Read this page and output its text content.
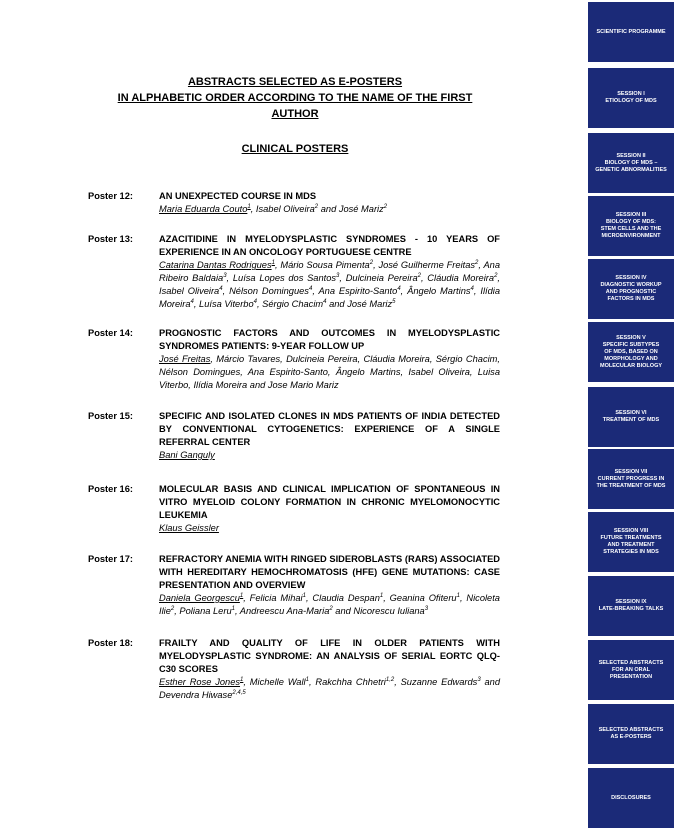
ABSTRACTS SELECTED AS E-POSTERS
IN ALPHABETIC ORDER ACCORDING TO THE NAME OF THE FIRST
AUTHOR
CLINICAL POSTERS
Poster 12:	AN UNEXPECTED COURSE IN MDS
Maria Eduarda Couto$^1$, Isabel Oliveira$^2$ and José Mariz$^2$
Poster 13:	AZACITIDINE IN MYELODYSPLASTIC SYNDROMES - 10 YEARS OF EXPERIENCE IN AN ONCOLOGY PORTUGUESE CENTRE
Catarina Dantas Rodrigues$^1$, Mário Sousa Pimenta$^2$, José Guilherme Freitas$^2$, Ana Ribeiro Baldaia$^3$, Luísa Lopes dos Santos$^3$, Dulcineia Pereira$^2$, Cláudia Moreira$^2$, Isabel Oliveira$^4$, Nélson Domingues$^4$, Ana Espirito-Santo$^4$, Ângelo Martins$^4$, Ilídia Moreira$^4$, Luísa Viterbo$^4$, Sérgio Chacim$^4$ and José Mariz$^5$
Poster 14:	PROGNOSTIC FACTORS AND OUTCOMES IN MYELODYSPLASTIC SYNDROMES PATIENTS: 9-YEAR FOLLOW UP
José Freitas, Márcio Tavares, Dulcineia Pereira, Cláudia Moreira, Sérgio Chacim, Nélson Domingues, Ana Espirito-Santo, Ângelo Martins, Isabel Oliveira, Luisa Viterbo, Ilídia Moreira and Jose Mario Mariz
Poster 15:	SPECIFIC AND ISOLATED CLONES IN MDS PATIENTS OF INDIA DETECTED BY CONVENTIONAL CYTOGENETICS: EXPERIENCE OF A SINGLE REFERRAL CENTER
Bani Ganguly
Poster 16:	MOLECULAR BASIS AND CLINICAL IMPLICATION OF SPONTANEOUS IN VITRO MYELOID COLONY FORMATION IN CHRONIC MYELOMONOCYTIC LEUKEMIA
Klaus Geissler
Poster 17:	REFRACTORY ANEMIA WITH RINGED SIDEROBLASTS (RARS) ASSOCIATED WITH HEREDITARY HEMOCHROMATOSIS (HFE) GENE MUTATIONS: CASE PRESENTATION AND OVERVIEW
Daniela Georgescu$^1$, Felicia Mihai$^1$, Claudia Despan$^1$, Geanina Ofiteru$^1$, Nicoleta Ilie$^2$, Poliana Leru$^1$, Andreescu Ana-Maria$^2$ and Nicorescu Iuliana$^3$
Poster 18:	FRAILTY AND QUALITY OF LIFE IN OLDER PATIENTS WITH MYELODYSPLASTIC SYNDROME: AN ANALYSIS OF SERIAL EORTC QLQ-C30 SCORES
Esther Rose Jones$^1$, Michelle Wall$^1$, Rakchha Chhetri$^{1,2}$, Suzanne Edwards$^3$ and Devendra Hiwase$^{2,4,5}$
SCIENTIFIC PROGRAMME
SESSION I
ETIOLOGY OF MDS
SESSION II
BIOLOGY OF MDS –
GENETIC ABNORMALITIES
SESSION III
BIOLOGY OF MDS:
STEM CELLS AND THE
MICROENVIRONMENT
SESSION IV
DIAGNOSTIC WORKUP
AND PROGNOSTIC
FACTORS IN MDS
SESSION V
SPECIFIC SUBTYPES
OF MDS, BASED ON
MORPHOLOGY AND
MOLECULAR BIOLOGY
SESSION VI
TREATMENT OF MDS
SESSION VII
CURRENT PROGRESS IN
THE TREATMENT OF MDS
SESSION VIII
FUTURE TREATMENTS
AND TREATMENT
STRATEGIES IN MDS
SESSION IX
LATE-BREAKING TALKS
SELECTED ABSTRACTS
FOR AN ORAL
PRESENTATION
SELECTED ABSTRACTS
AS E-POSTERS
DISCLOSURES
